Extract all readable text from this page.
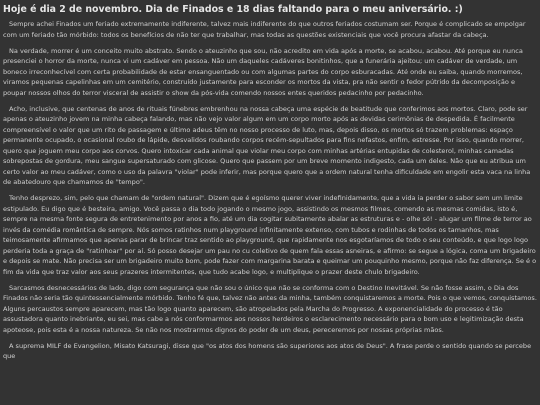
Hoje é dia 2 de novembro. Dia de Finados e 18 dias faltando para o meu aniversário. :)

Sempre achei Finados um feriado extremamente indiferente, talvez mais indiferente do que outros feriados costumam ser. Porque é complicado se empolgar com um feriado tão mórbido: todos os benefícios de não ter que trabalhar, mas todas as questões existenciais que você procura afastar da cabeça.

Na verdade, morrer é um conceito muito abstrato. Sendo o ateuzinho que sou, não acredito em vida após a morte, se acabou, acabou. Até porque eu nunca presenciei o horror da morte, nunca vi um cadáver em pessoa. Não um daqueles cadáveres bonitinhos, que a funerária ajeitou; um cadáver de verdade, um boneco irreconhecível com certa probabilidade de estar ensanguentado ou com algumas partes do corpo esburacadas. Até onde eu saiba, quando morremos, viramos pequenas capelinhas em um cemitério, construído justamente para esconder os mortos da vista, pra não sentir o fedor pútrido da decomposição e poupar nossos olhos do terror visceral de assistir o show da pós-vida comendo nossos entes queridos pedacinho por pedacinho.

Acho, inclusive, que centenas de anos de rituais fúnebres embrenhou na nossa cabeça uma espécie de beatitude que conferimos aos mortos. Claro, pode ser apenas o ateuzinho jovem na minha cabeça falando, mas não vejo valor algum em um corpo morto após as devidas cerimônias de despedida. É facilmente compreensível o valor que um rito de passagem e último adeus têm no nosso processo de luto, mas, depois disso, os mortos só trazem problemas: espaço permanente ocupado, o ocasional roubo de lápide, desvalidos roubando corpos recém-sepultados para fins nefastos, enfim, estresse. Por isso, quando morrer, quero que joguem meu corpo aos corvos. Quero intoxicar cada animal que violar meu corpo com minhas artérias entupidas de colesterol, minhas camadas sobrepostas de gordura, meu sangue supersaturado com glicose. Quero que passem por um breve momento indigesto, cada um deles. Não que eu atribua um certo valor ao meu cadáver, como o uso da palavra "violar" pode inferir, mas porque quero que a ordem natural tenha dificuldade em engolir esta vaca na linha de abatedouro que chamamos de "tempo".

Tenho desprezo, sim, pelo que chamam de "ordem natural". Dizem que é egoísmo querer viver indefinidamente, que a vida ia perder o sabor sem um limite estipulado. Eu digo que é besteira, amigo. Você passa o dia todo jogando o mesmo jogo, assistindo os mesmos filmes, comendo as mesmas comidas, isto é, sempre na mesma fonte segura de entretenimento por anos a fio, até um dia cogitar subitamente abalar as estruturas e - olhe só! - alugar um filme de terror ao invés da comédia romântica de sempre. Nós somos ratinhos num playground infinitamente extenso, com tubos e rodinhas de todos os tamanhos, mas teimosamente afirmamos que apenas parar de brincar traz sentido ao playground, que rapidamente nos esgotaríamos de todo o seu conteúdo, e que logo logo perderia toda a graça de "ratinhoar" por aí. Só posso desejar um pau no cu coletivo de quem fala essas asneiras, e afirmo: se segue a lógica, coma um brigadeiro e depois se mate. Não precisa ser um brigadeiro muito bom, pode fazer com margarina barata e queimar um pouquinho mesmo, porque não faz diferença. Se é o fim da vida que traz valor aos seus prazeres intermitentes, que tudo acabe logo, e multiplique o prazer deste chulo brigadeiro.

Sarcasmos desnecessários de lado, digo com segurança que não sou o único que não se conforma com o Destino Inevitável. Se não fosse assim, o Dia dos Finados não seria tão quintessencialmente mórbido. Tenho fé que, talvez não antes da minha, também conquistaremos a morte. Pois o que vemos, conquistamos. Alguns percaustos sempre aparecem, mas tão logo quanto aparecem, são atropelados pela Marcha do Progresso. A exponencialidade do processo é tão assustadora quanto inebriante, eu sei, mas cabe a nós conformarmos aos nossos herdeiros o esclarecimento necessário para o bom uso e legitimização desta apoteose, pois esta é a nossa natureza. Se não nos mostrarmos dignos do poder de um deus, pereceremos por nossas próprias mãos.

A suprema MILF de Evangelion, Misato Katsuragi, disse que "os atos dos homens são superiores aos atos de Deus". A frase perde o sentido quando se percebe que
